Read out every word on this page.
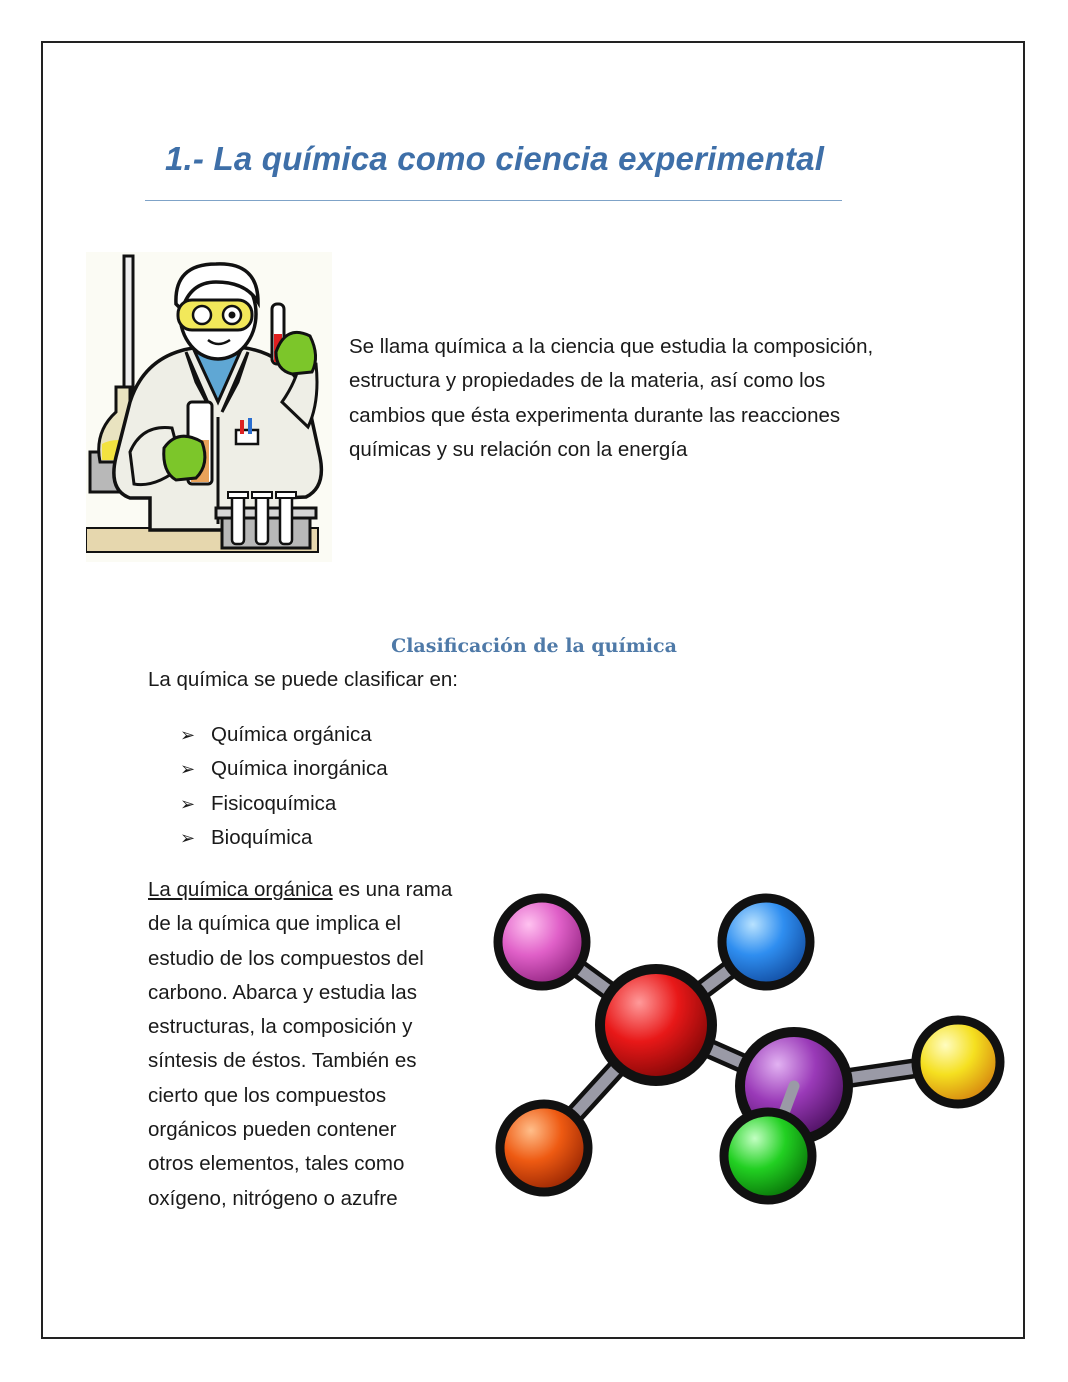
1.- La química como ciencia experimental

Se llama química a la ciencia que estudia la composición,
estructura y propiedades de la materia, así como los
cambios que ésta experimenta durante las reacciones
químicas y su relación con la energía

Clasificación de la química

La química se puede clasificar en:

➢ Química orgánica
➢ Química inorgánica
➢ Fisicoquímica
➢ Bioquímica

La química orgánica es una rama
de la química que implica el
estudio de los compuestos del
carbono. Abarca y estudia las
estructuras, la composición y
síntesis de éstos. También es
cierto que los compuestos
orgánicos pueden contener
otros elementos, tales como
oxígeno, nitrógeno o azufre
